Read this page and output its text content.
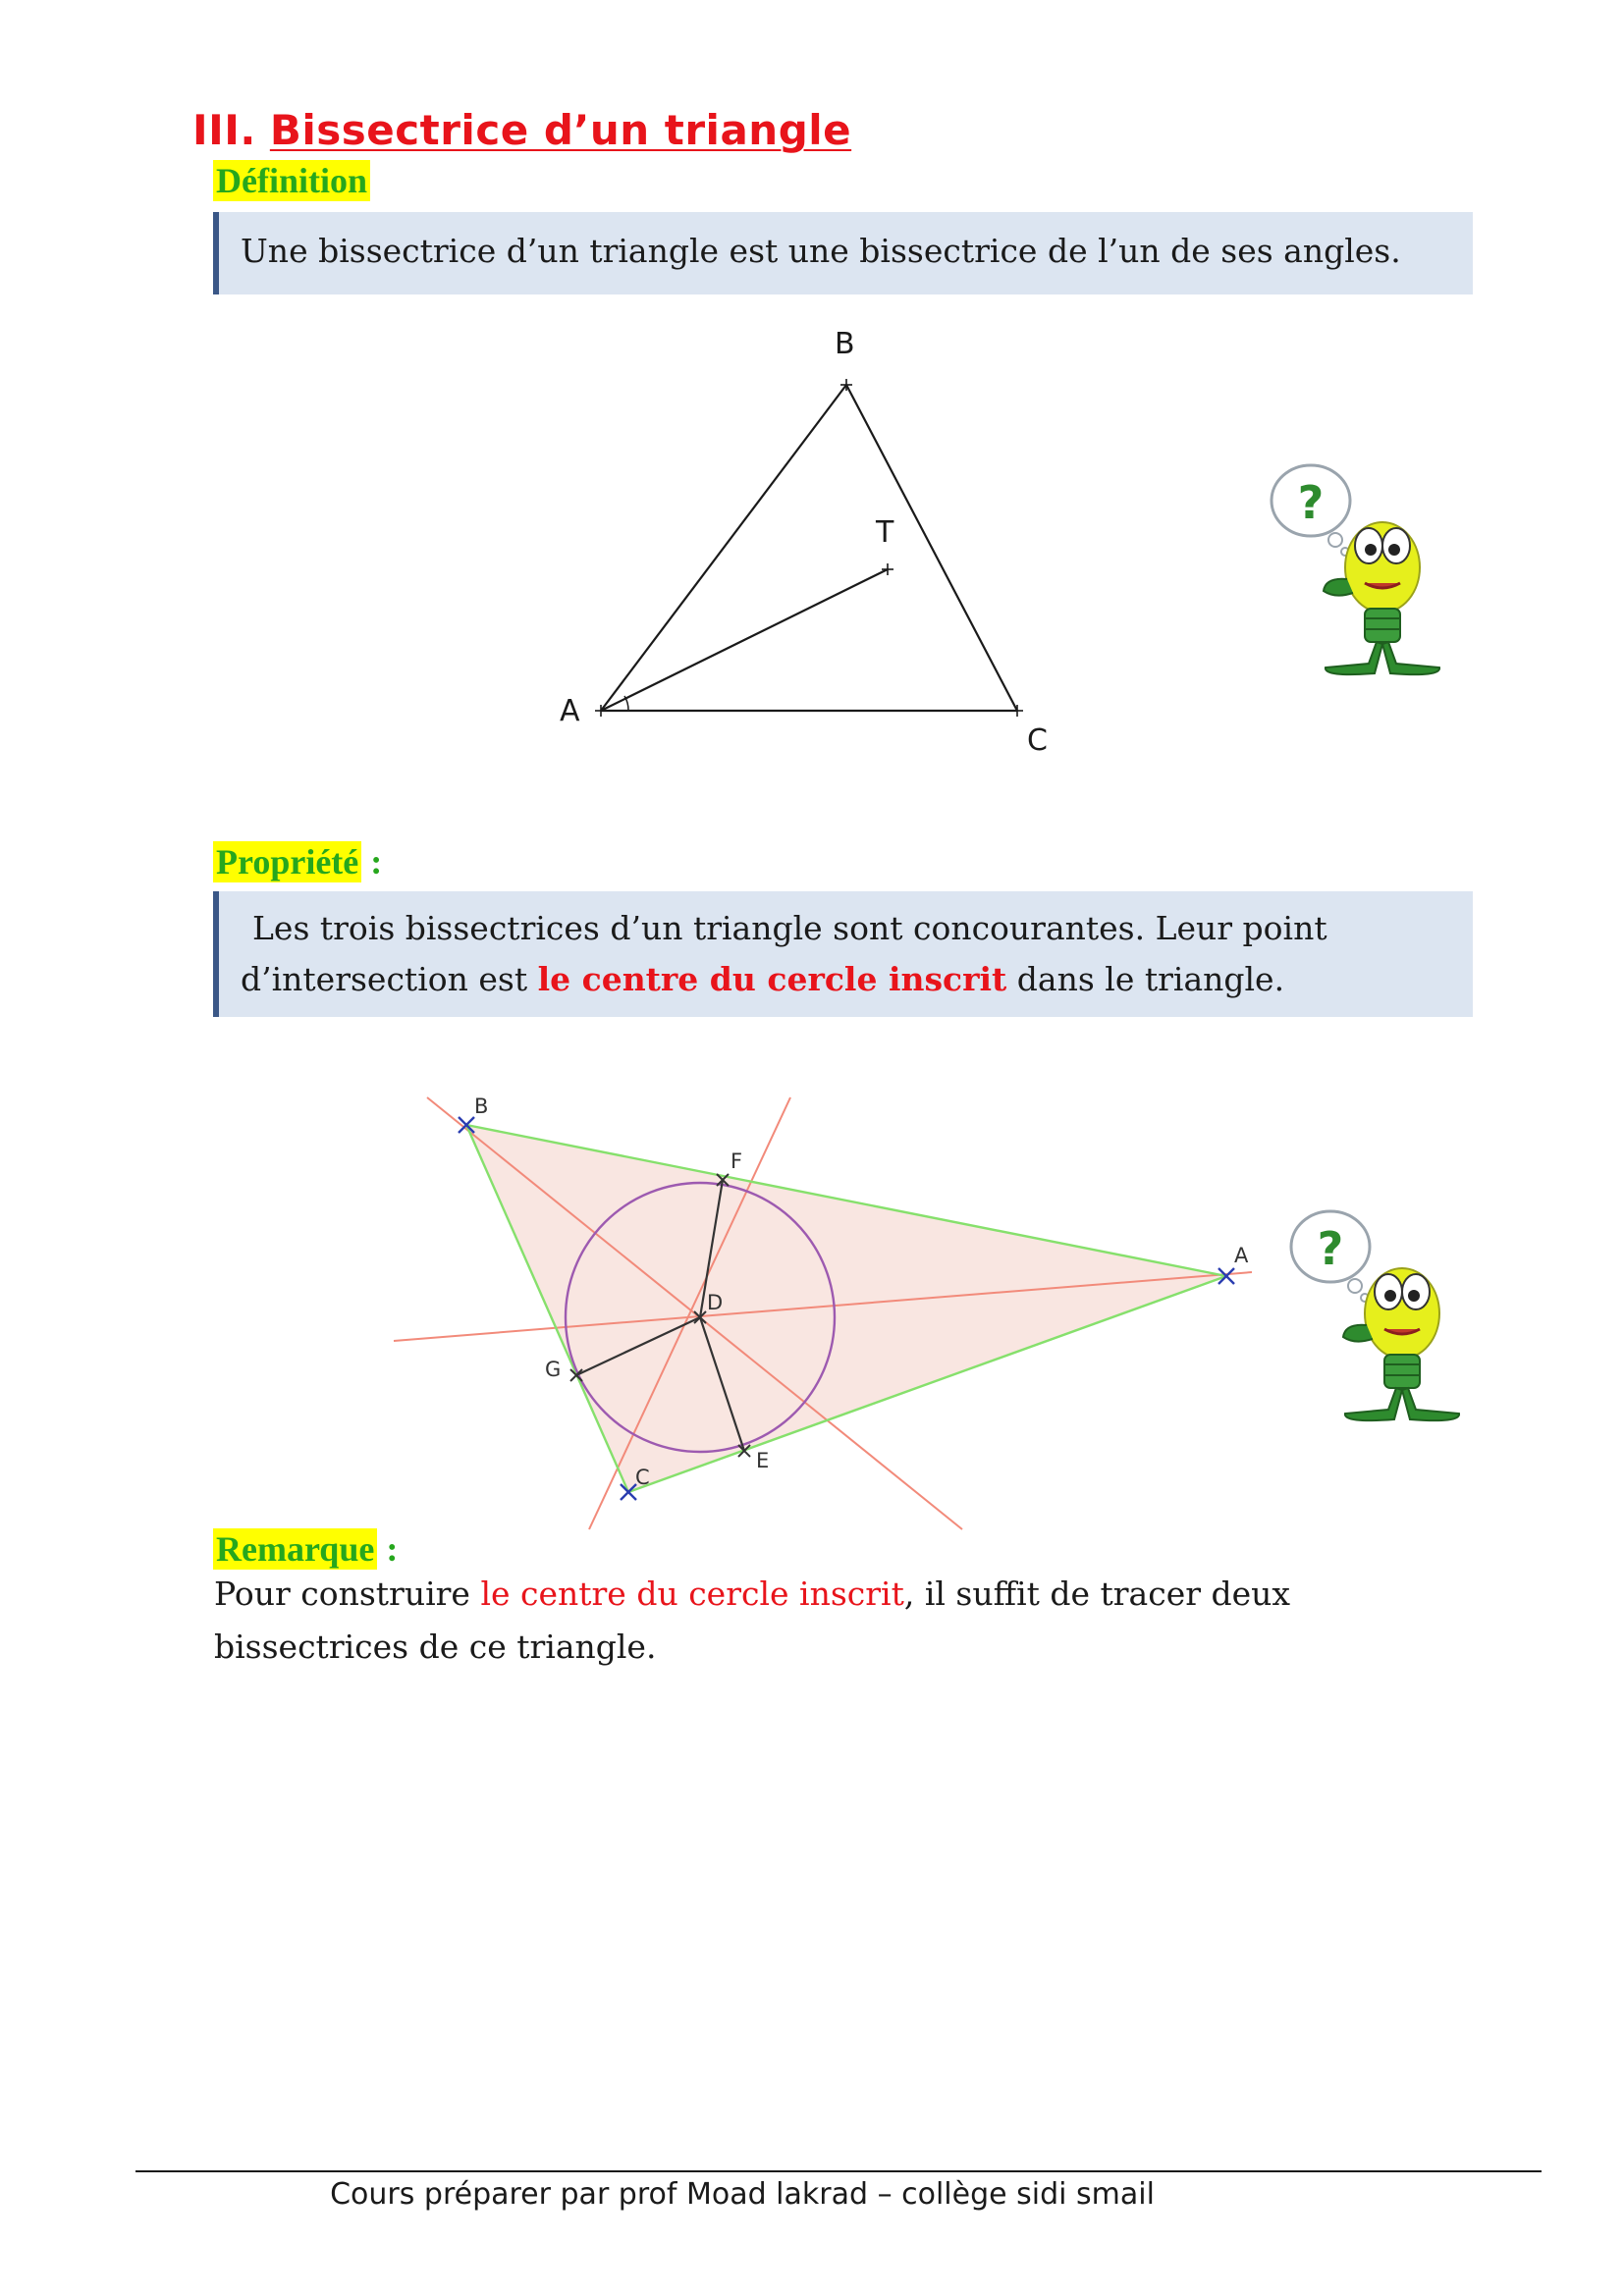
III. Bissectrice d’un triangle
Définition
Une bissectrice d’un triangle est une bissectrice de l’un de ses angles.
A
B
C
T
?
Propriété :
Les trois bissectrices d’un triangle sont concourantes. Leur point
d’intersection est le centre du cercle inscrit dans le triangle.
B
A
C
D
E
F
G
?
Remarque :
Pour construire le centre du cercle inscrit, il suffit de tracer deux bissectrices de ce triangle.
Cours préparer par prof Moad lakrad – collège sidi smail
